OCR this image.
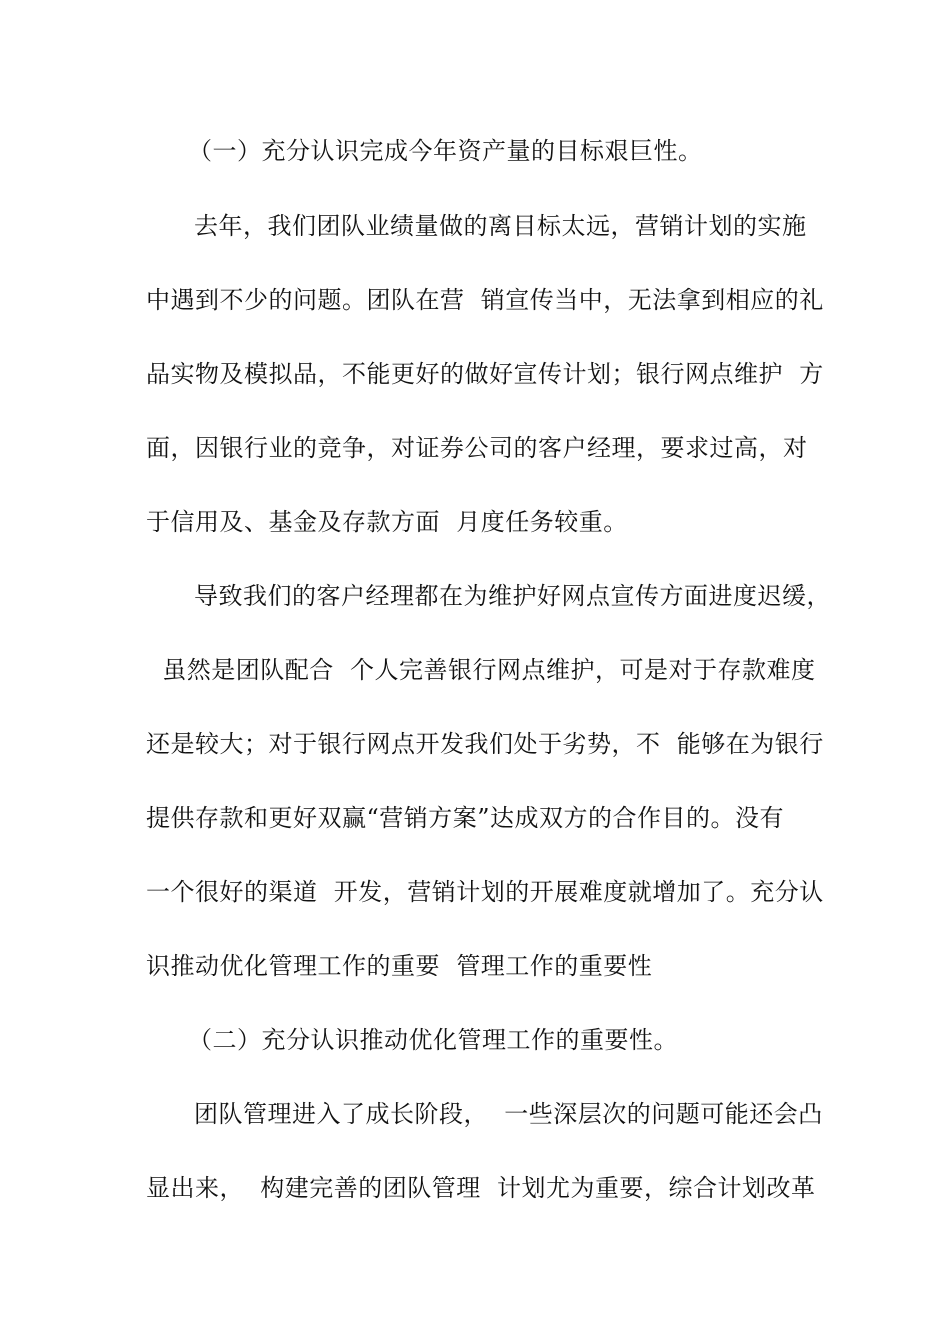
（一）充分认识完成今年资产量的目标艰巨性。
去年，我们团队业绩量做的离目标太远，营销计划的实施
中遇到不少的问题。团队在营  销宣传当中，无法拿到相应的礼
品实物及模拟品，不能更好的做好宣传计划；银行网点维护  方
面，因银行业的竞争，对证券公司的客户经理，要求过高，对
于信用及、基金及存款方面  月度任务较重。
导致我们的客户经理都在为维护好网点宣传方面进度迟缓，
虽然是团队配合  个人完善银行网点维护，可是对于存款难度
还是较大；对于银行网点开发我们处于劣势，不  能够在为银行
提供存款和更好双赢“营销方案”达成双方的合作目的。没有
一个很好的渠道  开发，营销计划的开展难度就增加了。充分认
识推动优化管理工作的重要  管理工作的重要性
（二）充分认识推动优化管理工作的重要性。
团队管理进入了成长阶段，  一些深层次的问题可能还会凸
显出来，  构建完善的团队管理  计划尤为重要，综合计划改革
